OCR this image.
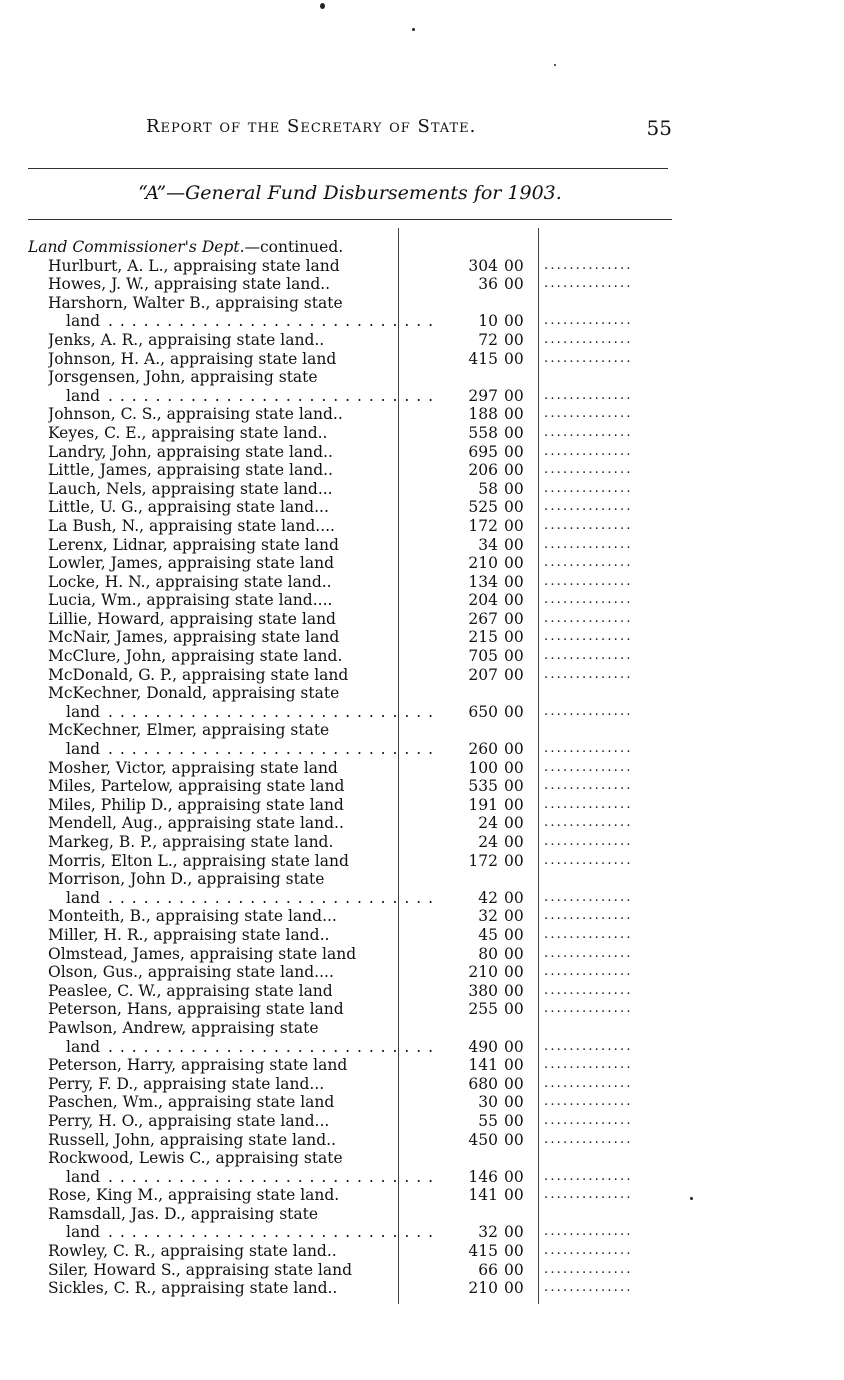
Report of the Secretary of State.	55
“A”—General Fund Disbursements for 1903.
Land Commissioner's Dept.—continued.
Hurlburt, A. L., appraising state land	304 00 ..............
Howes, J. W., appraising state land..	36 00 ..............
Harshorn, Walter B., appraising state
land . . .	10 00 ..............
Jenks, A. R., appraising state land..	72 00 ..............
Johnson, H. A., appraising state land	415 00 ..............
Jorsgensen, John, appraising state
land . . .	297 00 ..............
Johnson, C. S., appraising state land..	188 00 ..............
Keyes, C. E., appraising state land..	558 00 ..............
Landry, John, appraising state land..	695 00 ..............
Little, James, appraising state land..	206 00 ..............
Lauch, Nels, appraising state land...	58 00 ..............
Little, U. G., appraising state land...	525 00 ..............
La Bush, N., appraising state land....	172 00 ..............
Lerenx, Lidnar, appraising state land	34 00 ..............
Lowler, James, appraising state land	210 00 ..............
Locke, H. N., appraising state land..	134 00 ..............
Lucia, Wm., appraising state land....	204 00 ..............
Lillie, Howard, appraising state land	267 00 ..............
McNair, James, appraising state land	215 00 ..............
McClure, John, appraising state land.	705 00 ..............
McDonald, G. P., appraising state land	207 00 ..............
McKechner, Donald, appraising state
land . . .	650 00 ..............
McKechner, Elmer, appraising state
land . . .	260 00 ..............
Mosher, Victor, appraising state land	100 00 ..............
Miles, Partelow, appraising state land	535 00 ..............
Miles, Philip D., appraising state land	191 00 ..............
Mendell, Aug., appraising state land..	24 00 ..............
Markeg, B. P., appraising state land.	24 00 ..............
Morris, Elton L., appraising state land	172 00 ..............
Morrison, John D., appraising state
land . . .	42 00 ..............
Monteith, B., appraising state land...	32 00 ..............
Miller, H. R., appraising state land..	45 00 ..............
Olmstead, James, appraising state land	80 00 ..............
Olson, Gus., appraising state land....	210 00 ..............
Peaslee, C. W., appraising state land	380 00 ..............
Peterson, Hans, appraising state land	255 00 ..............
Pawlson, Andrew, appraising state
land . . .	490 00 ..............
Peterson, Harry, appraising state land	141 00 ..............
Perry, F. D., appraising state land...	680 00 ..............
Paschen, Wm., appraising state land	30 00 ..............
Perry, H. O., appraising state land...	55 00 ..............
Russell, John, appraising state land..	450 00 ..............
Rockwood, Lewis C., appraising state
land . . .	146 00 ..............
Rose, King M., appraising state land.	141 00 ..............
Ramsdall, Jas. D., appraising state
land . . .	32 00 ..............
Rowley, C. R., appraising state land..	415 00 ..............
Siler, Howard S., appraising state land	66 00 ..............
Sickles, C. R., appraising state land..	210 00 ..............
